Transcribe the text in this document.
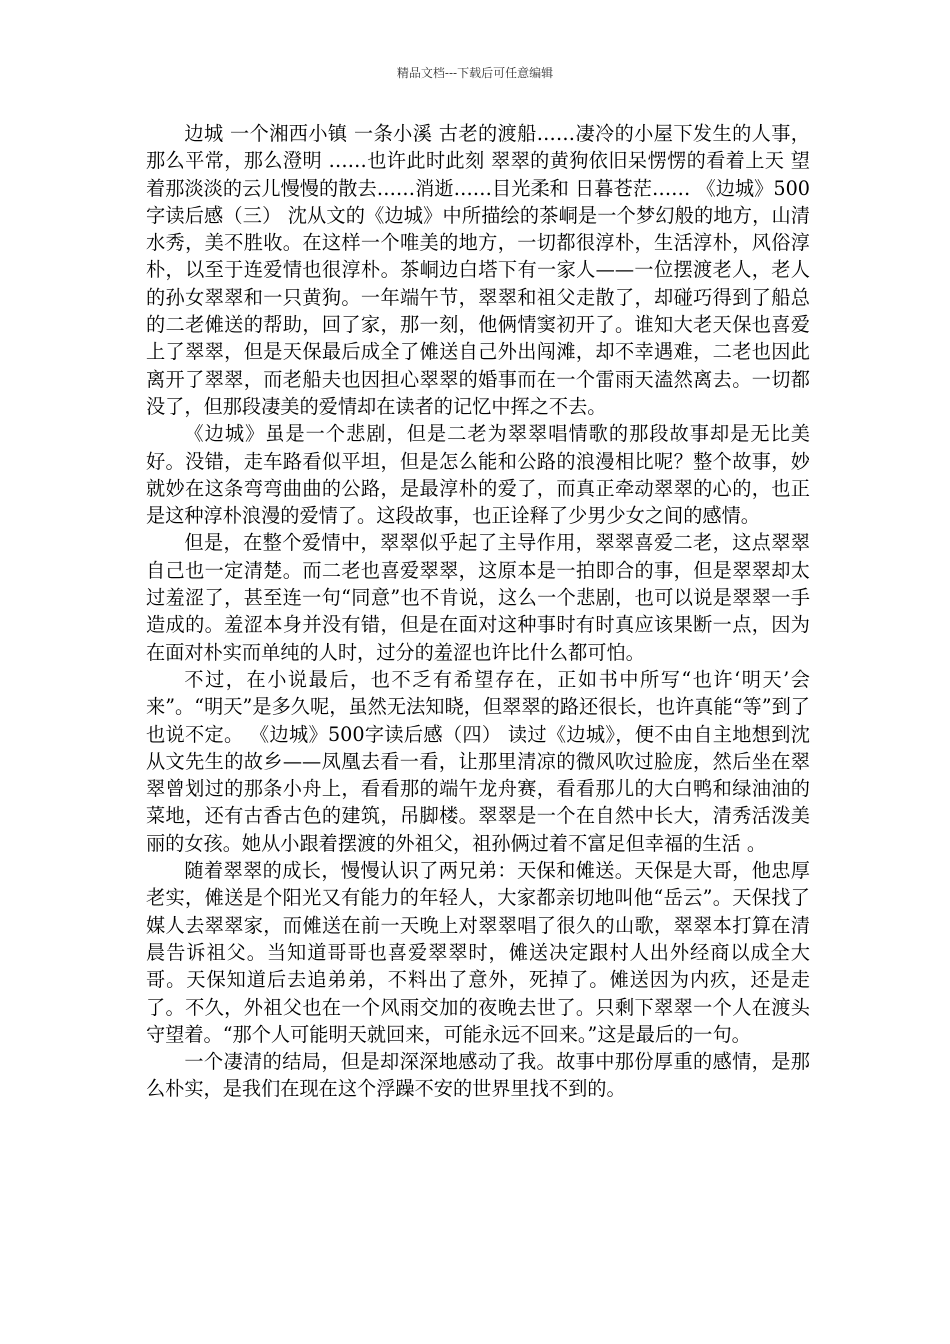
精品文档---下载后可任意编辑

边城 一个湘西小镇 一条小溪 古老的渡船……凄冷的小屋下发生的人事，那么平常，那么澄明 ……也许此时此刻 翠翠的黄狗依旧呆愣愣的看着上天 望着那淡淡的云儿慢慢的散去……消逝……目光柔和 日暮苍茫…… 《边城》500字读后感（三） 沈从文的《边城》中所描绘的茶峒是一个梦幻般的地方，山清水秀，美不胜收。在这样一个唯美的地方，一切都很淳朴，生活淳朴，风俗淳朴，以至于连爱情也很淳朴。茶峒边白塔下有一家人——一位摆渡老人，老人的孙女翠翠和一只黄狗。一年端午节，翠翠和祖父走散了，却碰巧得到了船总的二老傩送的帮助，回了家，那一刻，他俩情窦初开了。谁知大老天保也喜爱上了翠翠，但是天保最后成全了傩送自己外出闯滩，却不幸遇难，二老也因此离开了翠翠，而老船夫也因担心翠翠的婚事而在一个雷雨天溘然离去。一切都没了，但那段凄美的爱情却在读者的记忆中挥之不去。

《边城》虽是一个悲剧，但是二老为翠翠唱情歌的那段故事却是无比美好。没错，走车路看似平坦，但是怎么能和公路的浪漫相比呢？整个故事，妙就妙在这条弯弯曲曲的公路，是最淳朴的爱了，而真正牵动翠翠的心的，也正是这种淳朴浪漫的爱情了。这段故事，也正诠释了少男少女之间的感情。

但是，在整个爱情中，翠翠似乎起了主导作用，翠翠喜爱二老，这点翠翠自己也一定清楚。而二老也喜爱翠翠，这原本是一拍即合的事，但是翠翠却太过羞涩了，甚至连一句“同意”也不肯说，这么一个悲剧，也可以说是翠翠一手造成的。羞涩本身并没有错，但是在面对这种事时有时真应该果断一点，因为在面对朴实而单纯的人时，过分的羞涩也许比什么都可怕。

不过，在小说最后，也不乏有希望存在，正如书中所写“也许‘明天’会来”。“明天”是多久呢，虽然无法知晓，但翠翠的路还很长，也许真能“等”到了也说不定。 《边城》500字读后感（四） 读过《边城》，便不由自主地想到沈从文先生的故乡——凤凰去看一看，让那里清凉的微风吹过脸庞，然后坐在翠翠曾划过的那条小舟上，看看那的端午龙舟赛，看看那儿的大白鸭和绿油油的菜地，还有古香古色的建筑，吊脚楼。翠翠是一个在自然中长大，清秀活泼美丽的女孩。她从小跟着摆渡的外祖父，祖孙俩过着不富足但幸福的生活 。

随着翠翠的成长，慢慢认识了两兄弟：天保和傩送。天保是大哥，他忠厚老实，傩送是个阳光又有能力的年轻人，大家都亲切地叫他“岳云”。天保找了媒人去翠翠家，而傩送在前一天晚上对翠翠唱了很久的山歌，翠翠本打算在清晨告诉祖父。当知道哥哥也喜爱翠翠时，傩送决定跟村人出外经商以成全大哥。天保知道后去追弟弟，不料出了意外，死掉了。傩送因为内疚，还是走了。不久，外祖父也在一个风雨交加的夜晚去世了。只剩下翠翠一个人在渡头守望着。“那个人可能明天就回来，可能永远不回来。”这是最后的一句。

一个凄清的结局，但是却深深地感动了我。故事中那份厚重的感情，是那么朴实，是我们在现在这个浮躁不安的世界里找不到的。
